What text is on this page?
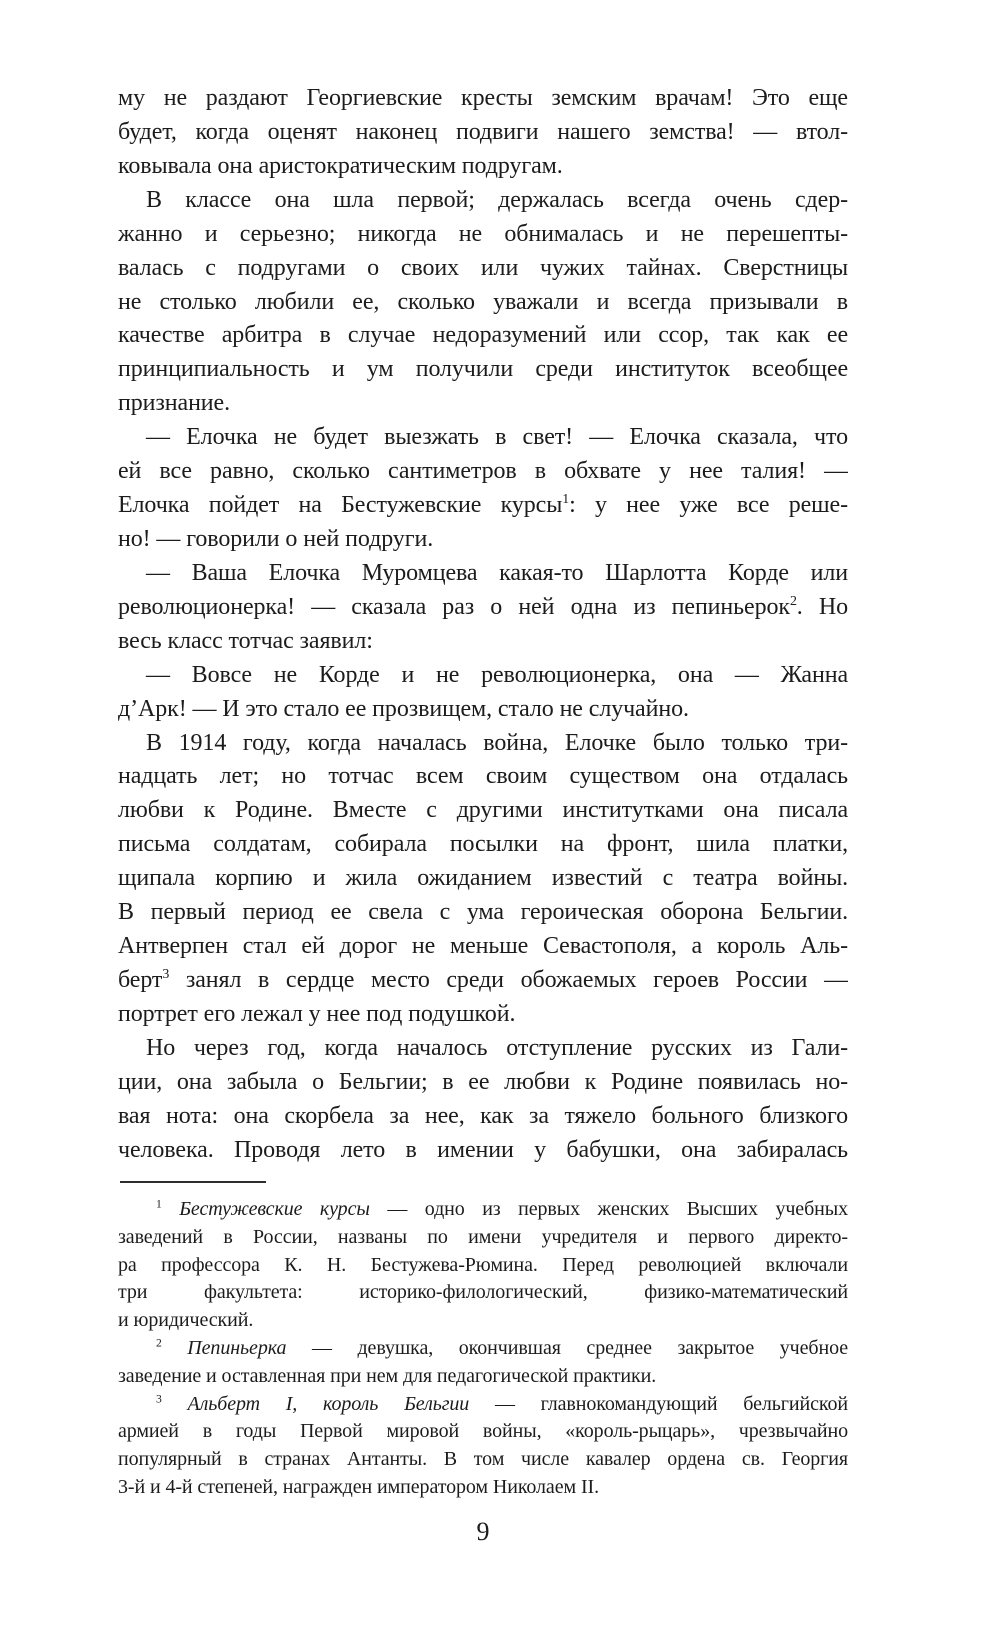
му не раздают Георгиевские кресты земским врачам! Это еще
будет, когда оценят наконец подвиги нашего земства! — втол-
ковывала она аристократическим подругам.
В классе она шла первой; держалась всегда очень сдер-
жанно и серьезно; никогда не обнималась и не перешепты-
валась с подругами о своих или чужих тайнах. Сверстницы
не столько любили ее, сколько уважали и всегда призывали в
качестве арбитра в случае недоразумений или ссор, так как ее
принципиальность и ум получили среди институток всеобщее
признание.
— Елочка не будет выезжать в свет! — Елочка сказала, что
ей все равно, сколько сантиметров в обхвате у нее талия! —
Елочка пойдет на Бестужевские курсы$^1$: у нее уже все реше-
но! — говорили о ней подруги.
— Ваша Елочка Муромцева какая-то Шарлотта Корде или
революционерка! — сказала раз о ней одна из пепиньерок$^2$. Но
весь класс тотчас заявил:
— Вовсе не Корде и не революционерка, она — Жанна
д’Арк! — И это стало ее прозвищем, стало не случайно.
В 1914 году, когда началась война, Елочке было только три-
надцать лет; но тотчас всем своим существом она отдалась
любви к Родине. Вместе с другими институтками она писала
письма солдатам, собирала посылки на фронт, шила платки,
щипала корпию и жила ожиданием известий с театра войны.
В первый период ее свела с ума героическая оборона Бельгии.
Антверпен стал ей дорог не меньше Севастополя, а король Аль-
берт$^3$ занял в сердце место среди обожаемых героев России —
портрет его лежал у нее под подушкой.
Но через год, когда началось отступление русских из Гали-
ции, она забыла о Бельгии; в ее любви к Родине появилась но-
вая нота: она скорбела за нее, как за тяжело больного близкого
человека. Проводя лето в имении у бабушки, она забиралась
$^1$ Бестужевские курсы — одно из первых женских Высших учебных
заведений в России, названы по имени учредителя и первого директо-
ра профессора К. Н. Бестужева-Рюмина. Перед революцией включали
три факультета: историко-филологический, физико-математический
и юридический.
$^2$ Пепиньерка — девушка, окончившая среднее закрытое учебное
заведение и оставленная при нем для педагогической практики.
$^3$ Альберт I, король Бельгии — главнокомандующий бельгийской
армией в годы Первой мировой войны, «король-рыцарь», чрезвычайно
популярный в странах Антанты. В том числе кавалер ордена св. Георгия
3-й и 4-й степеней, награжден императором Николаем II.
9
